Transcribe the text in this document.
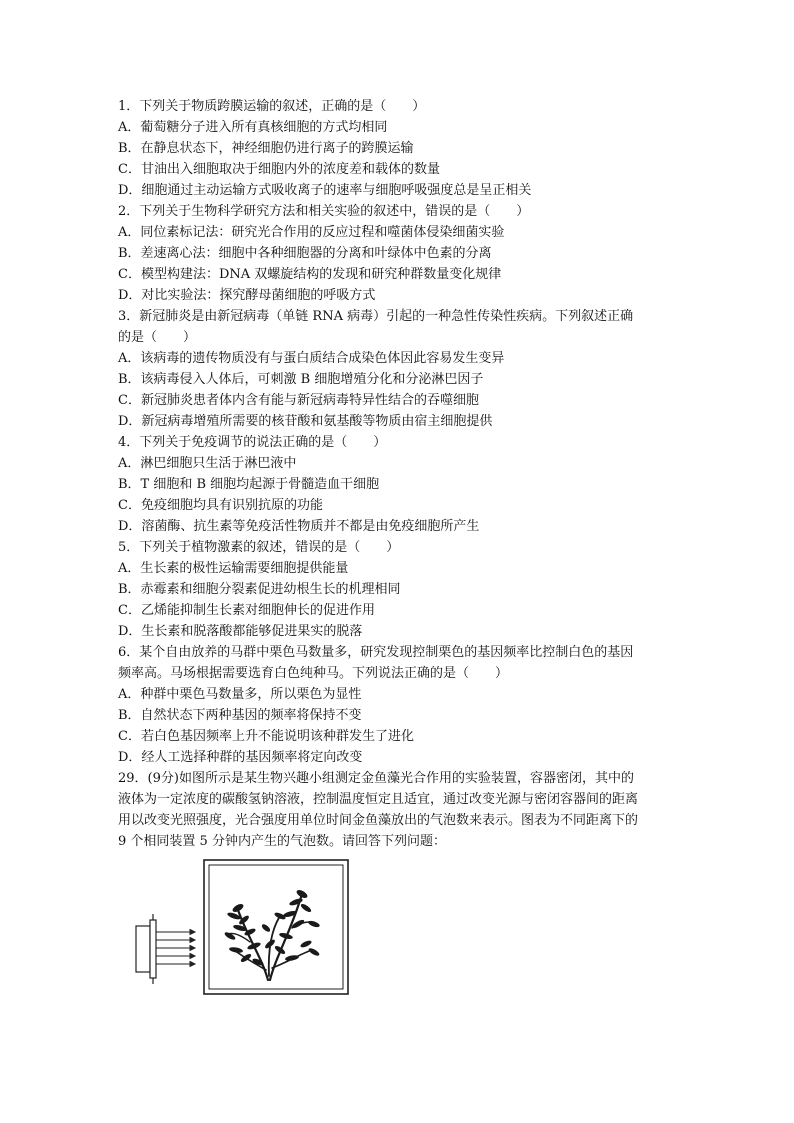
1．下列关于物质跨膜运输的叙述，正确的是（　　）
A．葡萄糖分子进入所有真核细胞的方式均相同
B．在静息状态下，神经细胞仍进行离子的跨膜运输
C．甘油出入细胞取决于细胞内外的浓度差和载体的数量
D．细胞通过主动运输方式吸收离子的速率与细胞呼吸强度总是呈正相关
2．下列关于生物科学研究方法和相关实验的叙述中，错误的是（　　）
A．同位素标记法：研究光合作用的反应过程和噬菌体侵染细菌实验
B．差速离心法：细胞中各种细胞器的分离和叶绿体中色素的分离
C．模型构建法：DNA 双螺旋结构的发现和研究种群数量变化规律
D．对比实验法：探究酵母菌细胞的呼吸方式
3．新冠肺炎是由新冠病毒（单链 RNA 病毒）引起的一种急性传染性疾病。下列叙述正确
的是（　　）
A．该病毒的遗传物质没有与蛋白质结合成染色体因此容易发生变异
B．该病毒侵入人体后，可刺激 B 细胞增殖分化和分泌淋巴因子
C．新冠肺炎患者体内含有能与新冠病毒特异性结合的吞噬细胞
D．新冠病毒增殖所需要的核苷酸和氨基酸等物质由宿主细胞提供
4．下列关于免疫调节的说法正确的是（　　）
A．淋巴细胞只生活于淋巴液中
B．T 细胞和 B 细胞均起源于骨髓造血干细胞
C．免疫细胞均具有识别抗原的功能
D．溶菌酶、抗生素等免疫活性物质并不都是由免疫细胞所产生
5．下列关于植物激素的叙述，错误的是（　　）
A．生长素的极性运输需要细胞提供能量
B．赤霉素和细胞分裂素促进幼根生长的机理相同
C．乙烯能抑制生长素对细胞伸长的促进作用
D．生长素和脱落酸都能够促进果实的脱落
6．某个自由放养的马群中栗色马数量多，研究发现控制栗色的基因频率比控制白色的基因
频率高。马场根据需要选育白色纯种马。下列说法正确的是（　　）
A．种群中栗色马数量多，所以栗色为显性
B．自然状态下两种基因的频率将保持不变
C．若白色基因频率上升不能说明该种群发生了进化
D．经人工选择种群的基因频率将定向改变
29．(9分)如图所示是某生物兴趣小组测定金鱼藻光合作用的实验装置，容器密闭，其中的
液体为一定浓度的碳酸氢钠溶液，控制温度恒定且适宜，通过改变光源与密闭容器间的距离
用以改变光照强度，光合强度用单位时间金鱼藻放出的气泡数来表示。图表为不同距离下的
9 个相同装置 5 分钟内产生的气泡数。请回答下列问题：
